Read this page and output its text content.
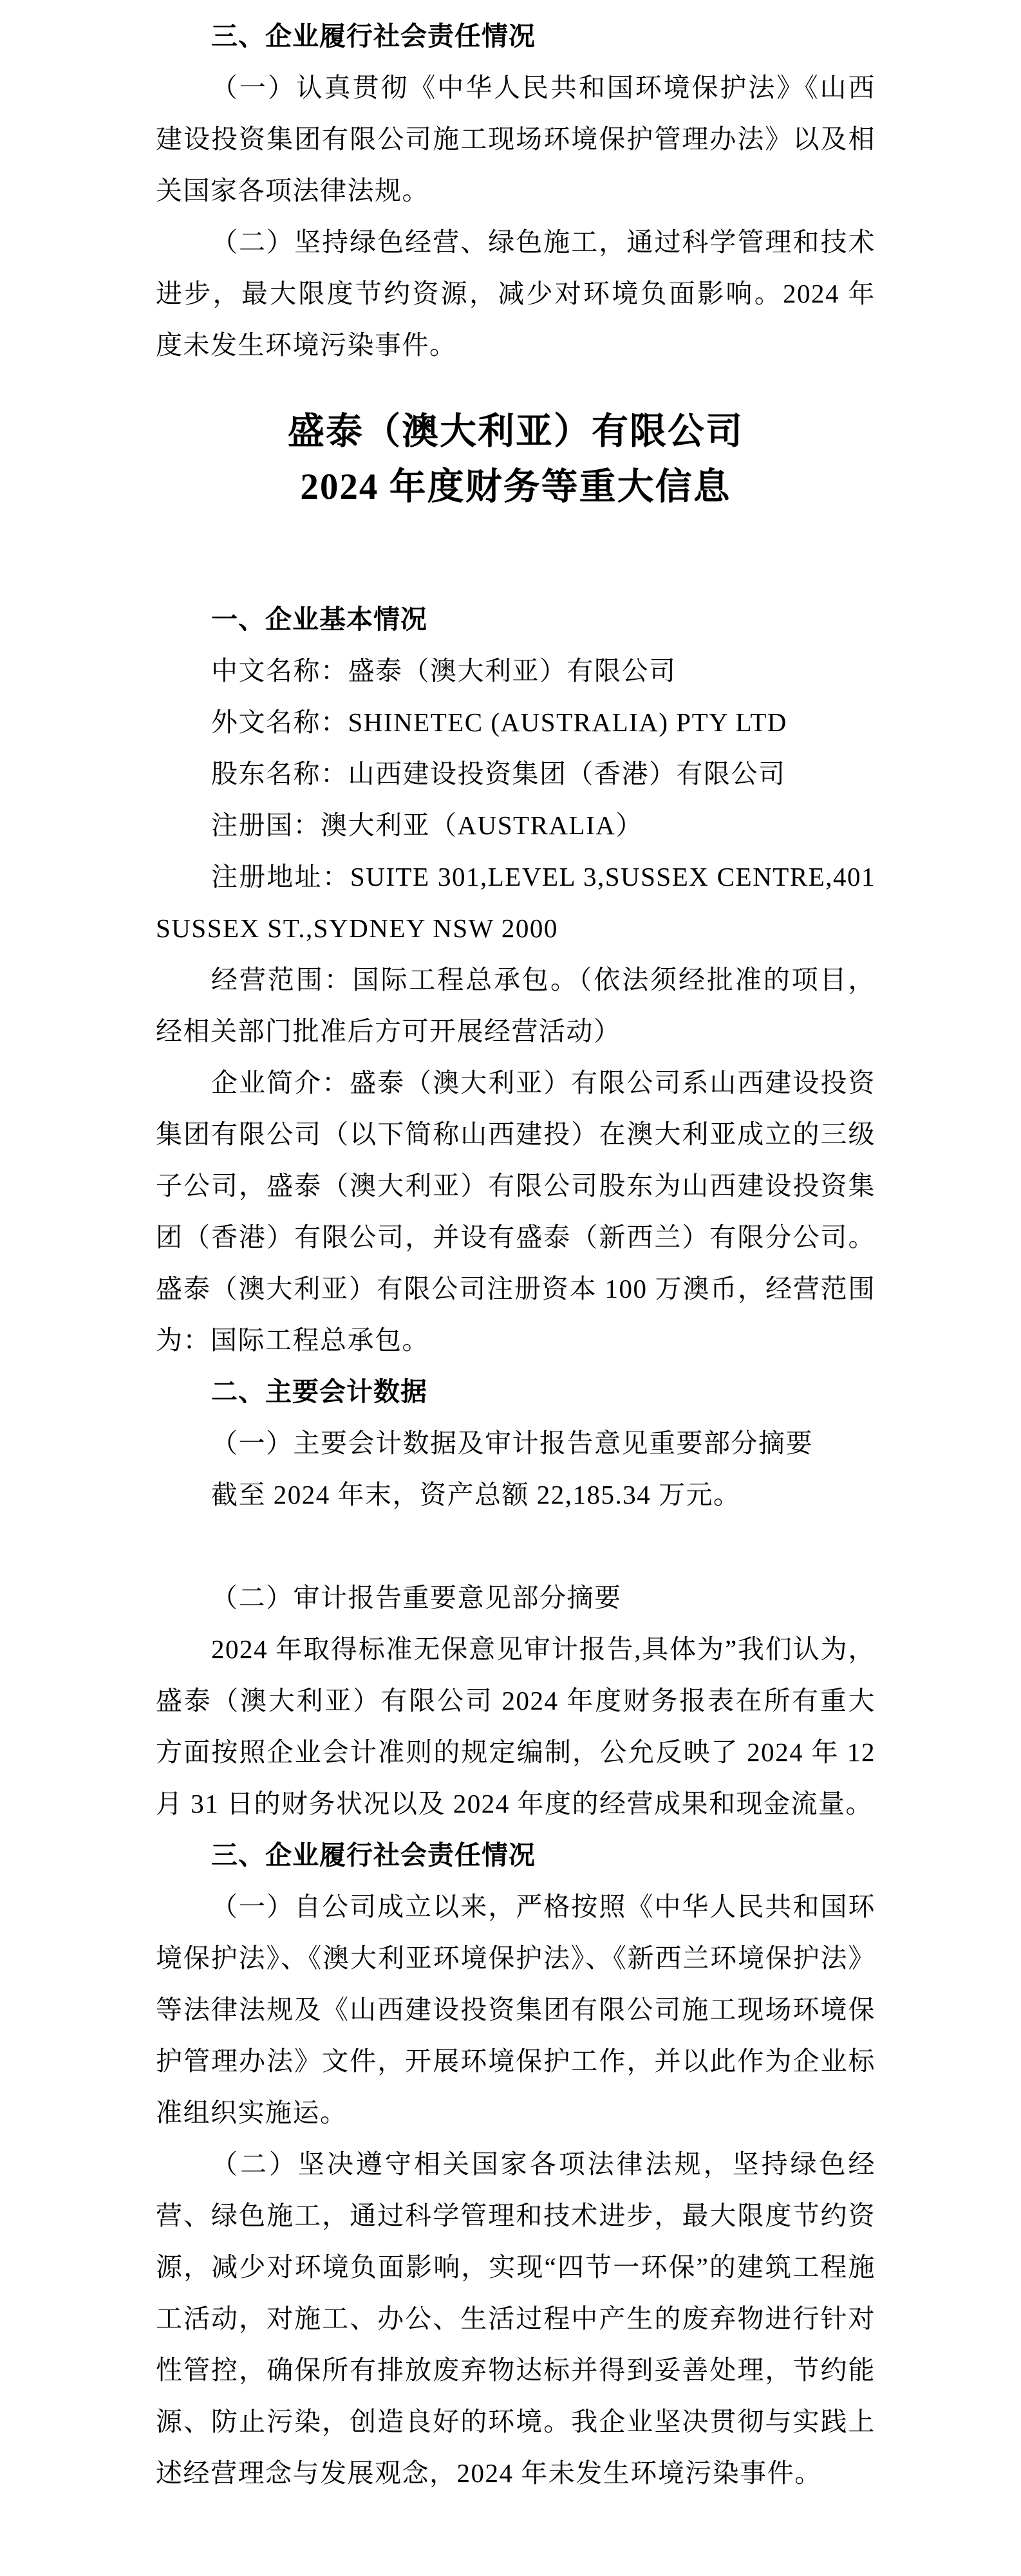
三、企业履行社会责任情况

（一）认真贯彻《中华人民共和国环境保护法》《山西建设投资集团有限公司施工现场环境保护管理办法》以及相关国家各项法律法规。

（二）坚持绿色经营、绿色施工，通过科学管理和技术进步，最大限度节约资源，减少对环境负面影响。2024 年度未发生环境污染事件。

盛泰（澳大利亚）有限公司

2024 年度财务等重大信息

一、企业基本情况

中文名称：盛泰（澳大利亚）有限公司

外文名称：SHINETEC (AUSTRALIA) PTY LTD

股东名称：山西建设投资集团（香港）有限公司

注册国：澳大利亚（AUSTRALIA）

注册地址：SUITE 301,LEVEL 3,SUSSEX CENTRE,401 SUSSEX ST.,SYDNEY NSW 2000

经营范围：国际工程总承包。（依法须经批准的项目，经相关部门批准后方可开展经营活动）

企业简介：盛泰（澳大利亚）有限公司系山西建设投资集团有限公司（以下简称山西建投）在澳大利亚成立的三级子公司，盛泰（澳大利亚）有限公司股东为山西建设投资集团（香港）有限公司，并设有盛泰（新西兰）有限分公司。盛泰（澳大利亚）有限公司注册资本 100 万澳币，经营范围为：国际工程总承包。

二、主要会计数据

（一）主要会计数据及审计报告意见重要部分摘要

截至 2024 年末，资产总额 22,185.34 万元。

（二）审计报告重要意见部分摘要

2024 年取得标准无保意见审计报告,具体为”我们认为，盛泰（澳大利亚）有限公司 2024 年度财务报表在所有重大方面按照企业会计准则的规定编制，公允反映了 2024 年 12 月 31 日的财务状况以及 2024 年度的经营成果和现金流量。

三、企业履行社会责任情况

（一）自公司成立以来，严格按照《中华人民共和国环境保护法》、《澳大利亚环境保护法》、《新西兰环境保护法》等法律法规及《山西建设投资集团有限公司施工现场环境保护管理办法》文件，开展环境保护工作，并以此作为企业标准组织实施运。

（二）坚决遵守相关国家各项法律法规，坚持绿色经营、绿色施工，通过科学管理和技术进步，最大限度节约资源，减少对环境负面影响，实现“四节一环保”的建筑工程施工活动，对施工、办公、生活过程中产生的废弃物进行针对性管控，确保所有排放废弃物达标并得到妥善处理，节约能源、防止污染，创造良好的环境。我企业坚决贯彻与实践上述经营理念与发展观念，2024 年未发生环境污染事件。
